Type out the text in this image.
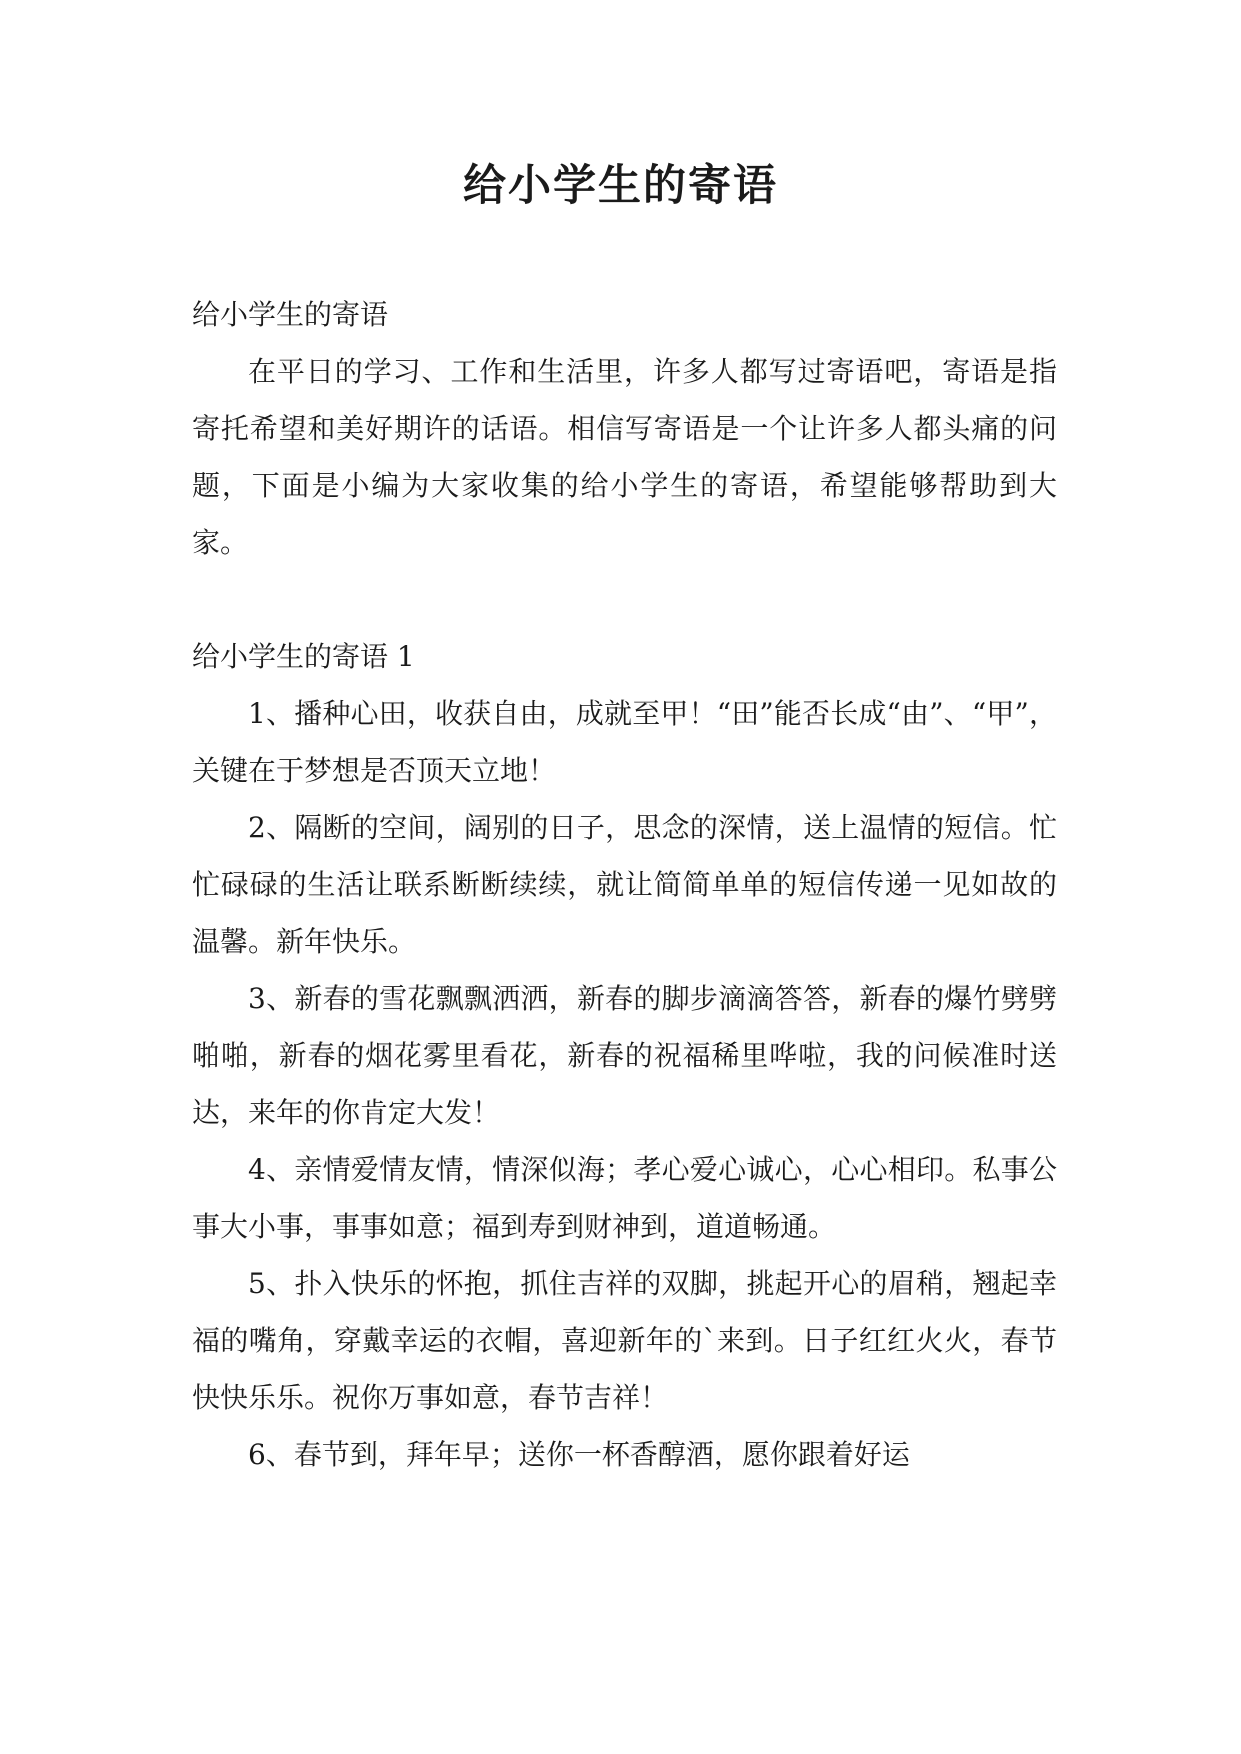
给小学生的寄语

给小学生的寄语

在平日的学习、工作和生活里，许多人都写过寄语吧，寄语是指寄托希望和美好期许的话语。相信写寄语是一个让许多人都头痛的问题，下面是小编为大家收集的给小学生的寄语，希望能够帮助到大家。

给小学生的寄语 1

1、播种心田，收获自由，成就至甲！“田”能否长成“由”、“甲”，关键在于梦想是否顶天立地！

2、隔断的空间，阔别的日子，思念的深情，送上温情的短信。忙忙碌碌的生活让联系断断续续，就让简简单单的短信传递一见如故的温馨。新年快乐。

3、新春的雪花飘飘洒洒，新春的脚步滴滴答答，新春的爆竹劈劈啪啪，新春的烟花雾里看花，新春的祝福稀里哗啦，我的问候准时送达，来年的你肯定大发！

4、亲情爱情友情，情深似海；孝心爱心诚心，心心相印。私事公事大小事，事事如意；福到寿到财神到，道道畅通。

5、扑入快乐的怀抱，抓住吉祥的双脚，挑起开心的眉稍，翘起幸福的嘴角，穿戴幸运的衣帽，喜迎新年的`来到。日子红红火火，春节快快乐乐。祝你万事如意，春节吉祥！

6、春节到，拜年早；送你一杯香醇酒，愿你跟着好运
